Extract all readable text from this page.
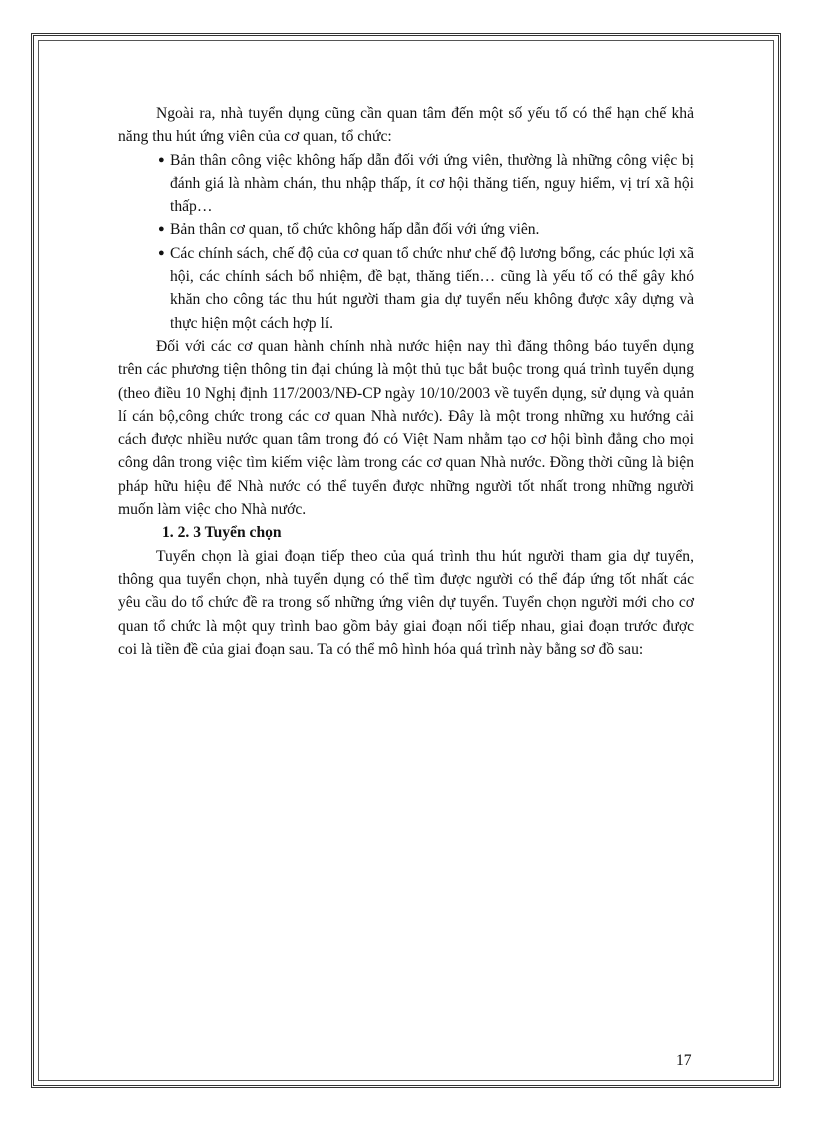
Ngoài ra, nhà tuyển dụng cũng cần quan tâm đến một số yếu tố có thể hạn chế khả năng thu hút ứng viên của cơ quan, tổ chức:

● Bản thân công việc không hấp dẫn đối với ứng viên, thường là những công việc bị đánh giá là nhàm chán, thu nhập thấp, ít cơ hội thăng tiến, nguy hiểm, vị trí xã hội thấp…
● Bản thân cơ quan, tổ chức không hấp dẫn đối với ứng viên.
● Các chính sách, chế độ của cơ quan tổ chức như chế độ lương bổng, các phúc lợi xã hội, các chính sách bổ nhiệm, đề bạt, thăng tiến… cũng là yếu tố có thể gây khó khăn cho công tác thu hút người tham gia dự tuyển nếu không được xây dựng và thực hiện một cách hợp lí.

Đối với các cơ quan hành chính nhà nước hiện nay thì đăng thông báo tuyển dụng trên các phương tiện thông tin đại chúng là một thủ tục bắt buộc trong quá trình tuyển dụng (theo điều 10 Nghị định 117/2003/NĐ-CP ngày 10/10/2003 về tuyển dụng, sử dụng và quản lí cán bộ,công chức trong các cơ quan Nhà nước). Đây là một trong những xu hướng cải cách được nhiều nước quan tâm trong đó có Việt Nam nhằm tạo cơ hội bình đẳng cho mọi công dân trong việc tìm kiếm việc làm trong các cơ quan Nhà nước. Đồng thời cũng là biện pháp hữu hiệu để Nhà nước có thể tuyển được những người tốt nhất trong những người muốn làm việc cho Nhà nước.

1. 2. 3 Tuyển chọn

Tuyển chọn là giai đoạn tiếp theo của quá trình thu hút người tham gia dự tuyển, thông qua tuyển chọn, nhà tuyển dụng có thể tìm được người có thể đáp ứng tốt nhất các yêu cầu do tổ chức đề ra trong số những ứng viên dự tuyển. Tuyển chọn người mới cho cơ quan tổ chức là một quy trình bao gồm bảy giai đoạn nối tiếp nhau, giai đoạn trước được coi là tiền đề của giai đoạn sau. Ta có thể mô hình hóa quá trình này bằng sơ đồ sau:

17
